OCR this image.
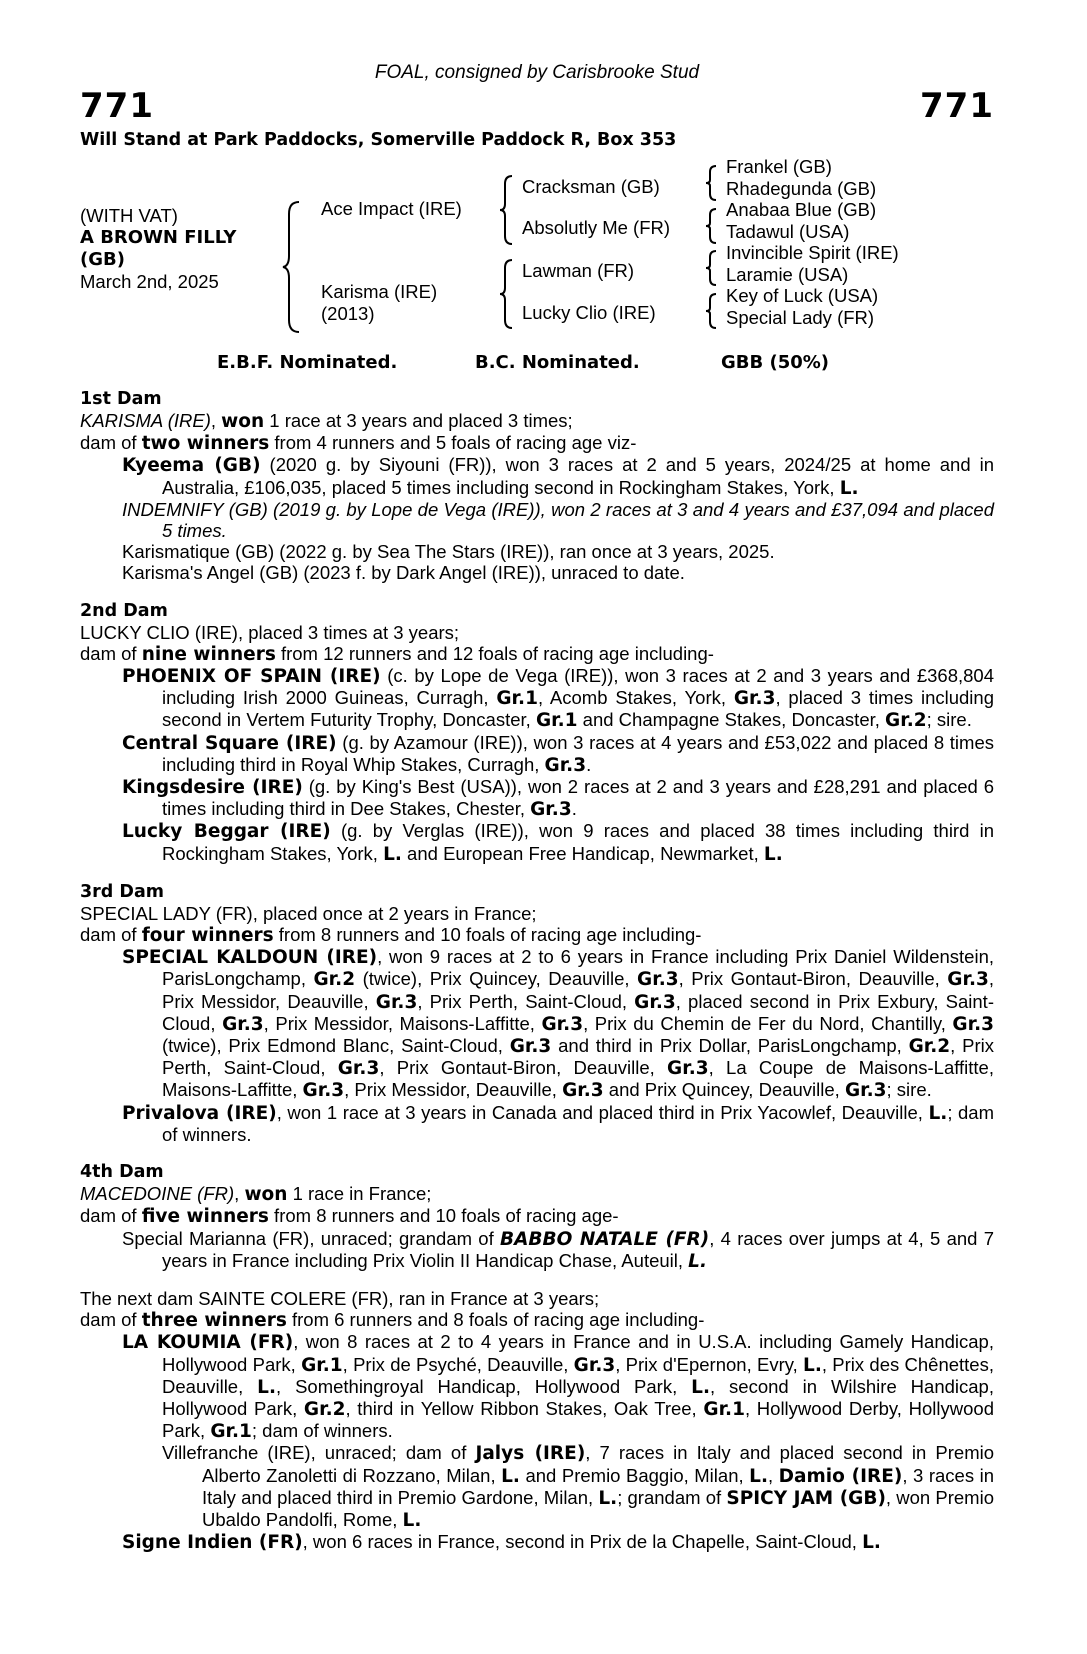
FOAL, consigned by Carisbrooke Stud
771	771
Will Stand at Park Paddocks, Somerville Paddock R, Box 353
(WITH VAT)
A BROWN FILLY
(GB)
March 2nd, 2025
Ace Impact (IRE)
Karisma (IRE)
(2013)
Cracksman (GB)
Absolutly Me (FR)
Lawman (FR)
Lucky Clio (IRE)
Frankel (GB)
Rhadegunda (GB)
Anabaa Blue (GB)
Tadawul (USA)
Invincible Spirit (IRE)
Laramie (USA)
Key of Luck (USA)
Special Lady (FR)
E.B.F. Nominated.	B.C. Nominated.	GBB (50%)
1st Dam
KARISMA (IRE), won 1 race at 3 years and placed 3 times;
dam of two winners from 4 runners and 5 foals of racing age viz-
Kyeema (GB) (2020 g. by Siyouni (FR)), won 3 races at 2 and 5 years, 2024/25 at home and in Australia, £106,035, placed 5 times including second in Rockingham Stakes, York, L.
INDEMNIFY (GB) (2019 g. by Lope de Vega (IRE)), won 2 races at 3 and 4 years and £37,094 and placed 5 times.
Karismatique (GB) (2022 g. by Sea The Stars (IRE)), ran once at 3 years, 2025.
Karisma's Angel (GB) (2023 f. by Dark Angel (IRE)), unraced to date.
2nd Dam
LUCKY CLIO (IRE), placed 3 times at 3 years;
dam of nine winners from 12 runners and 12 foals of racing age including-
PHOENIX OF SPAIN (IRE) (c. by Lope de Vega (IRE)), won 3 races at 2 and 3 years and £368,804 including Irish 2000 Guineas, Curragh, Gr.1, Acomb Stakes, York, Gr.3, placed 3 times including second in Vertem Futurity Trophy, Doncaster, Gr.1 and Champagne Stakes, Doncaster, Gr.2; sire.
Central Square (IRE) (g. by Azamour (IRE)), won 3 races at 4 years and £53,022 and placed 8 times including third in Royal Whip Stakes, Curragh, Gr.3.
Kingsdesire (IRE) (g. by King's Best (USA)), won 2 races at 2 and 3 years and £28,291 and placed 6 times including third in Dee Stakes, Chester, Gr.3.
Lucky Beggar (IRE) (g. by Verglas (IRE)), won 9 races and placed 38 times including third in Rockingham Stakes, York, L. and European Free Handicap, Newmarket, L.
3rd Dam
SPECIAL LADY (FR), placed once at 2 years in France;
dam of four winners from 8 runners and 10 foals of racing age including-
SPECIAL KALDOUN (IRE), won 9 races at 2 to 6 years in France including Prix Daniel Wildenstein, ParisLongchamp, Gr.2 (twice), Prix Quincey, Deauville, Gr.3, Prix Gontaut-Biron, Deauville, Gr.3, Prix Messidor, Deauville, Gr.3, Prix Perth, Saint-Cloud, Gr.3, placed second in Prix Exbury, Saint-Cloud, Gr.3, Prix Messidor, Maisons-Laffitte, Gr.3, Prix du Chemin de Fer du Nord, Chantilly, Gr.3 (twice), Prix Edmond Blanc, Saint-Cloud, Gr.3 and third in Prix Dollar, ParisLongchamp, Gr.2, Prix Perth, Saint-Cloud, Gr.3, Prix Gontaut-Biron, Deauville, Gr.3, La Coupe de Maisons-Laffitte, Maisons-Laffitte, Gr.3, Prix Messidor, Deauville, Gr.3 and Prix Quincey, Deauville, Gr.3; sire.
Privalova (IRE), won 1 race at 3 years in Canada and placed third in Prix Yacowlef, Deauville, L.; dam of winners.
4th Dam
MACEDOINE (FR), won 1 race in France;
dam of five winners from 8 runners and 10 foals of racing age-
Special Marianna (FR), unraced; grandam of BABBO NATALE (FR), 4 races over jumps at 4, 5 and 7 years in France including Prix Violin II Handicap Chase, Auteuil, L.
The next dam SAINTE COLERE (FR), ran in France at 3 years;
dam of three winners from 6 runners and 8 foals of racing age including-
LA KOUMIA (FR), won 8 races at 2 to 4 years in France and in U.S.A. including Gamely Handicap, Hollywood Park, Gr.1, Prix de Psyché, Deauville, Gr.3, Prix d'Epernon, Evry, L., Prix des Chênettes, Deauville, L., Somethingroyal Handicap, Hollywood Park, L., second in Wilshire Handicap, Hollywood Park, Gr.2, third in Yellow Ribbon Stakes, Oak Tree, Gr.1, Hollywood Derby, Hollywood Park, Gr.1; dam of winners.
Villefranche (IRE), unraced; dam of Jalys (IRE), 7 races in Italy and placed second in Premio Alberto Zanoletti di Rozzano, Milan, L. and Premio Baggio, Milan, L., Damio (IRE), 3 races in Italy and placed third in Premio Gardone, Milan, L.; grandam of SPICY JAM (GB), won Premio Ubaldo Pandolfi, Rome, L.
Signe Indien (FR), won 6 races in France, second in Prix de la Chapelle, Saint-Cloud, L.
